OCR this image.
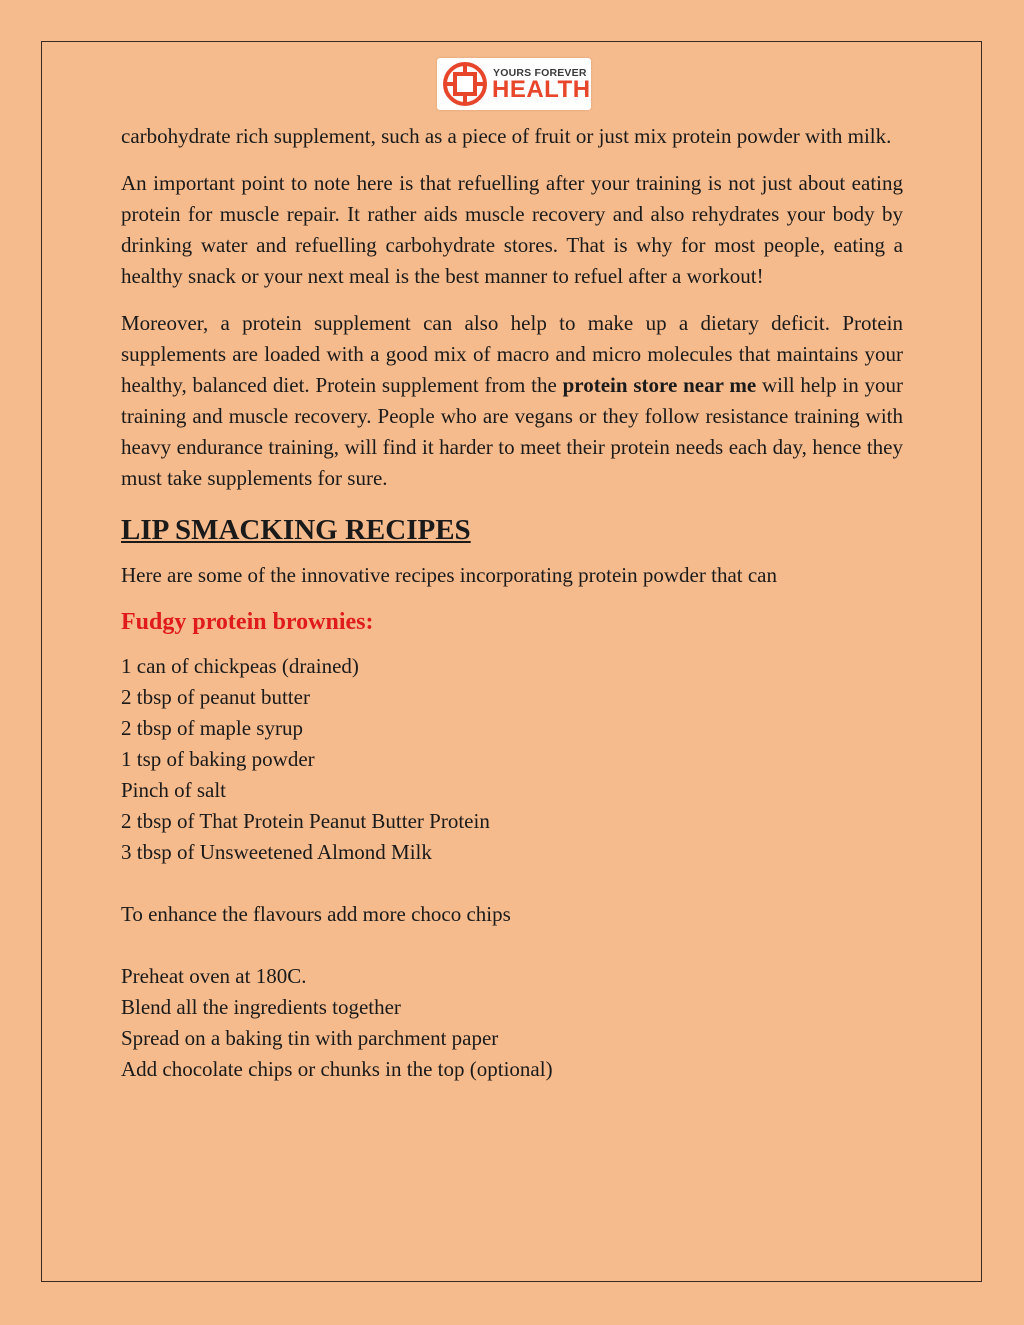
YOURS FOREVER
HEALTH

carbohydrate rich supplement, such as a piece of fruit or just mix protein powder with milk.

An important point to note here is that refuelling after your training is not just about eating protein for muscle repair. It rather aids muscle recovery and also rehydrates your body by drinking water and refuelling carbohydrate stores. That is why for most people, eating a healthy snack or your next meal is the best manner to refuel after a workout!

Moreover, a protein supplement can also help to make up a dietary deficit. Protein supplements are loaded with a good mix of macro and micro molecules that maintains your healthy, balanced diet. Protein supplement from the protein store near me will help in your training and muscle recovery. People who are vegans or they follow resistance training with heavy endurance training, will find it harder to meet their protein needs each day, hence they must take supplements for sure.

LIP SMACKING RECIPES

Here are some of the innovative recipes incorporating protein powder that can

Fudgy protein brownies:
1 can of chickpeas (drained)
2 tbsp of peanut butter
2 tbsp of maple syrup
1 tsp of baking powder
Pinch of salt
2 tbsp of That Protein Peanut Butter Protein
3 tbsp of Unsweetened Almond Milk
To enhance the flavours add more choco chips
Preheat oven at 180C.
Blend all the ingredients together
Spread on a baking tin with parchment paper
Add chocolate chips or chunks in the top (optional)
